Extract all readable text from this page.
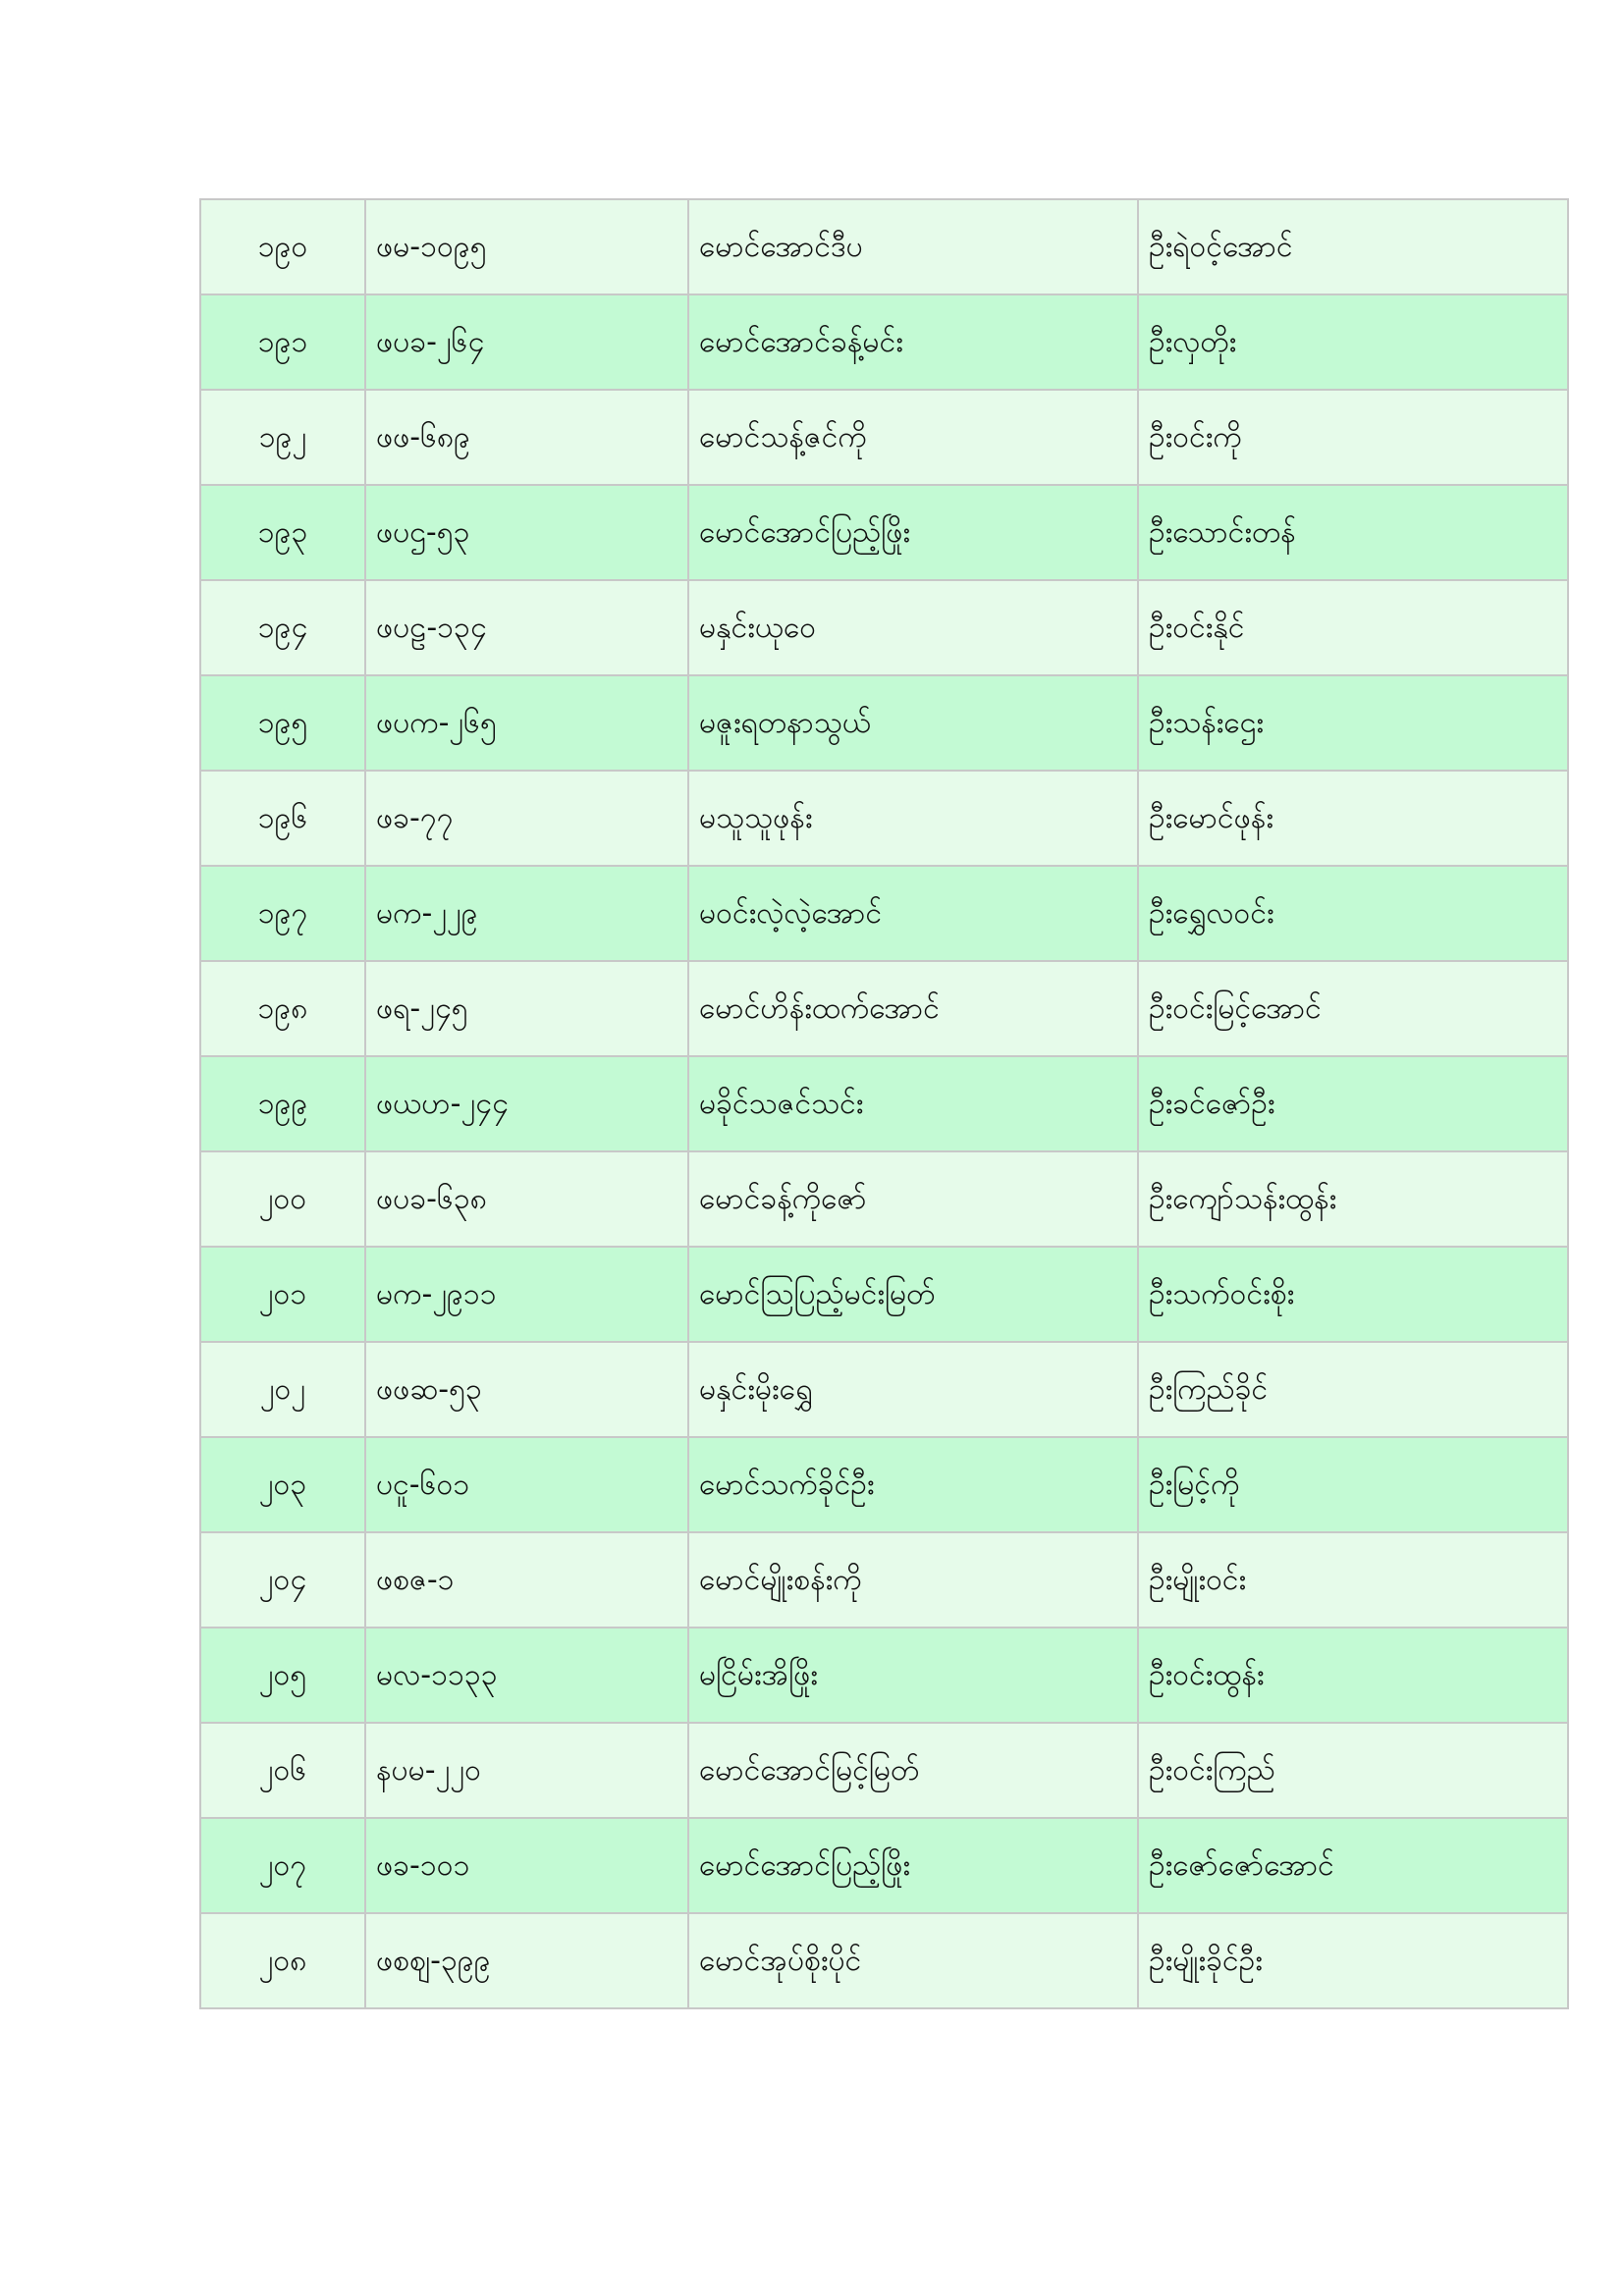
၁၉၀	ဖမ-၁၀၉၅	မောင်အောင်ဒီပ	ဦးရဲဝင့်အောင်
၁၉၁	ဖပခ-၂၆၄	မောင်အောင်ခန့်မင်း	ဦးလှတိုး
၁၉၂	ဖဖ-၆၈၉	မောင်သန့်ဇင်ကို	ဦးဝင်းကို
၁၉၃	ဖပဌ-၅၃	မောင်အောင်ပြည့်ဖြိုး	ဦးသောင်းတန်
၁၉၄	ဖပဠ-၁၃၄	မနှင်းယုဝေ	ဦးဝင်းနိုင်
၁၉၅	ဖပက-၂၆၅	မဇူးရတနာသွယ်	ဦးသန်းဌေး
၁၉၆	ဖခ-၇၇	မသူသူဖုန်း	ဦးမောင်ဖုန်း
၁၉၇	မက-၂၂၉	မဝင်းလဲ့လဲ့အောင်	ဦးရွှေလဝင်း
၁၉၈	ဖရ-၂၄၅	မောင်ဟိန်းထက်အောင်	ဦးဝင်းမြင့်အောင်
၁၉၉	ဖယဟ-၂၄၄	မခိုင်သဇင်သင်း	ဦးခင်ဇော်ဦး
၂၀၀	ဖပခ-၆၃၈	မောင်ခန့်ကိုဇော်	ဦးကျော်သန်းထွန်း
၂၀၁	မက-၂၉၁၁	မောင်ဩပြည့်မင်းမြတ်	ဦးသက်ဝင်းစိုး
၂၀၂	ဖဖဆ-၅၃	မနှင်းမိုးရွှေ	ဦးကြည်ခိုင်
၂၀၃	ပငူ-၆၀၁	မောင်သက်ခိုင်ဦး	ဦးမြင့်ကို
၂၀၄	ဖစဇ-၁	မောင်မျိုးစန်းကို	ဦးမျိုးဝင်း
၂၀၅	မလ-၁၁၃၃	မငြိမ်းအိဖြိုး	ဦးဝင်းထွန်း
၂၀၆	နပမ-၂၂၀	မောင်အောင်မြင့်မြတ်	ဦးဝင်းကြည်
၂၀၇	ဖခ-၁၀၁	မောင်အောင်ပြည့်ဖြိုး	ဦးဇော်ဇော်အောင်
၂၀၈	ဖစဈ-၃၉၉	မောင်အုပ်စိုးပိုင်	ဦးမျိုးခိုင်ဦး
